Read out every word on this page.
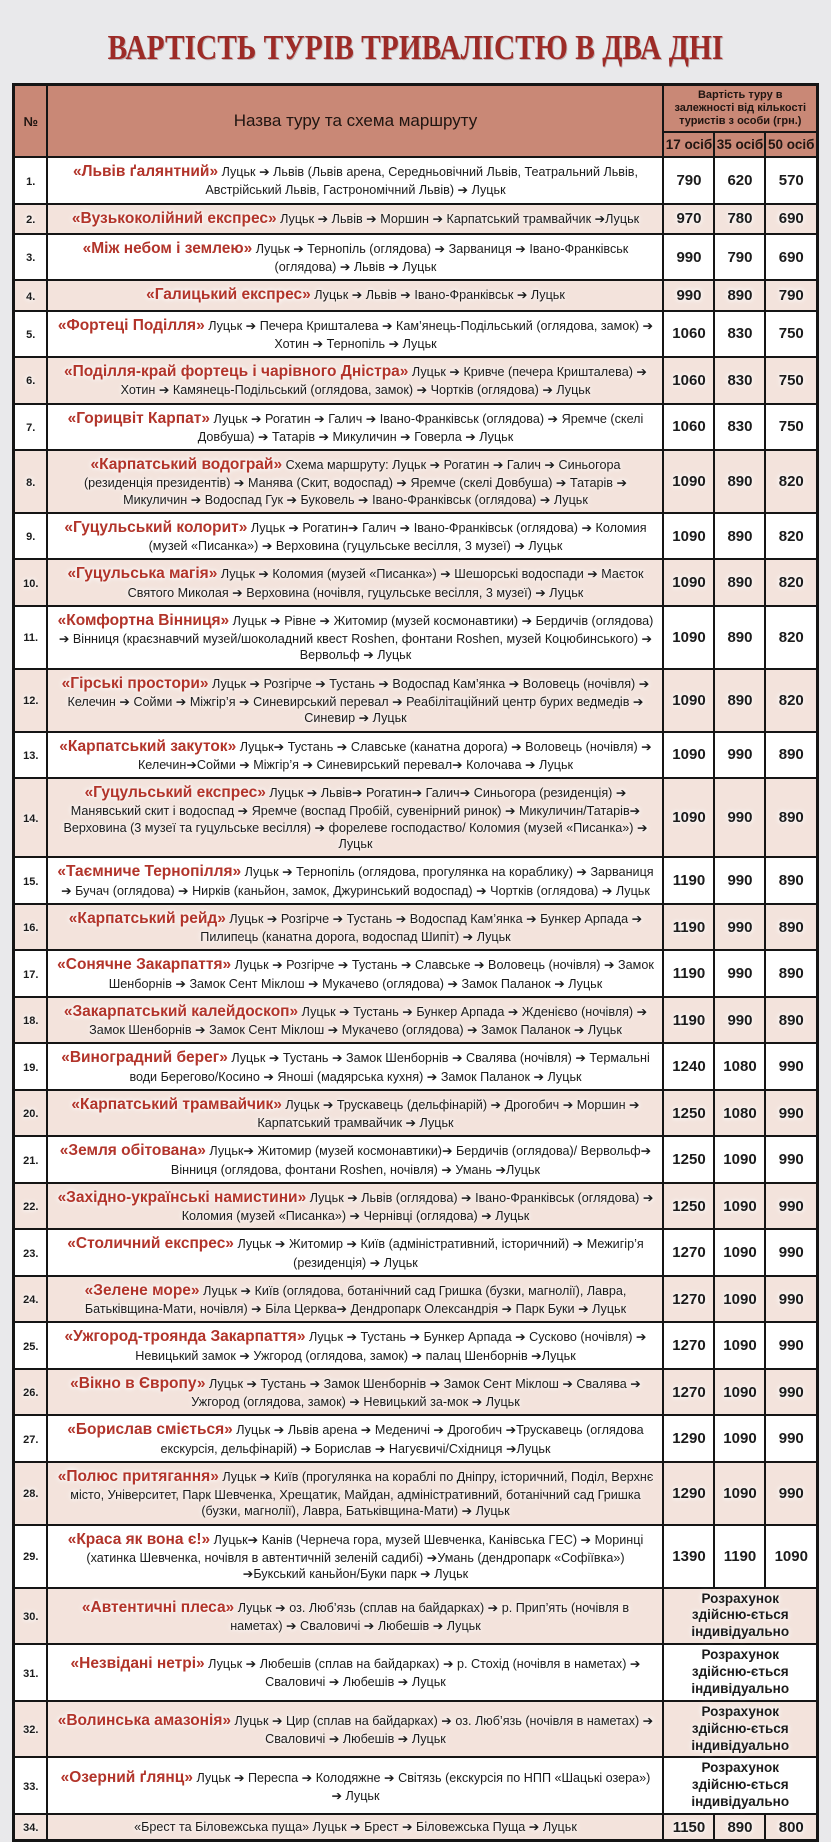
ВАРТІСТЬ ТУРІВ ТРИВАЛІСТЮ В ДВА ДНІ
№	Назва туру та схема маршруту	Вартість туру в залежності від кількості туристів з особи (грн.)		
		17 осіб	35 осіб	50 осіб
1.	«Львів ґалянтний» Луцьк ➔ Львів (Львів арена, Середньовічний Львів, Театральний Львів, Австрійський Львів, Гастрономічний Львів) ➔ Луцьк	790	620	570
2.	«Вузькоколійний експрес» Луцьк ➔ Львів ➔ Моршин ➔ Карпатський трамвайчик ➔Луцьк	970	780	690
3.	«Між небом і землею» Луцьк ➔ Тернопіль (оглядова) ➔ Зарваниця ➔ Івано-Франківськ (оглядова) ➔ Львів ➔ Луцьк	990	790	690
4.	«Галицький експрес» Луцьк ➔ Львів ➔ Івано-Франківськ ➔ Луцьк	990	890	790
5.	«Фортеці Поділля» Луцьк ➔ Печера Кришталева ➔ Кам’янець-Подільський (оглядова, замок) ➔ Хотин ➔ Тернопіль ➔ Луцьк	1060	830	750
6.	«Поділля-край фортець і чарівного Дністра» Луцьк ➔ Кривче (печера Кришталева) ➔ Хотин ➔ Камянець-Подільський (оглядова, замок) ➔ Чортків (оглядова) ➔ Луцьк	1060	830	750
7.	«Горицвіт Карпат» Луцьк ➔ Рогатин ➔ Галич ➔ Івано-Франківськ (оглядова) ➔ Яремче (скелі Довбуша) ➔ Татарів ➔ Микуличин ➔ Говерла ➔ Луцьк	1060	830	750
8.	«Карпатський водограй» Схема маршруту: Луцьк ➔ Рогатин ➔ Галич ➔ Синьогора (резиденція президентів) ➔ Манява (Скит, водоспад) ➔ Яремче (скелі Довбуша) ➔ Татарів ➔ Микуличин ➔ Водоспад Гук ➔ Буковель ➔ Івано-Франківськ (оглядова) ➔ Луцьк	1090	890	820
9.	«Гуцульський колорит» Луцьк ➔ Рогатин➔ Галич ➔ Івано-Франківськ (оглядова) ➔ Коломия (музей «Писанка») ➔ Верховина (гуцульське весілля, 3 музеї) ➔ Луцьк	1090	890	820
10.	«Гуцульська магія» Луцьк ➔ Коломия (музей «Писанка») ➔ Шешорські водоспади ➔ Маєток Святого Миколая ➔ Верховина (ночівля, гуцульське весілля, 3 музеї) ➔ Луцьк	1090	890	820
11.	«Комфортна Вінниця» Луцьк ➔ Рівне ➔ Житомир (музей космонавтики) ➔ Бердичів (оглядова) ➔ Вінниця (краєзнавчий музей/шоколадний квест Roshen, фонтани Roshen, музей Коцюбинського) ➔ Вервольф ➔ Луцьк	1090	890	820
12.	«Гірські простори» Луцьк ➔ Розгірче ➔ Тустань ➔ Водоспад Кам’янка ➔ Воловець (ночівля) ➔ Келечин ➔ Сойми ➔ Міжгір’я ➔ Синевирський перевал ➔ Реабілітаційний центр бурих ведмедів ➔ Синевир ➔ Луцьк	1090	890	820
13.	«Карпатський закуток» Луцьк➔ Тустань ➔ Славське (канатна дорога) ➔ Воловець (ночівля) ➔ Келечин➔Сойми ➔ Міжгір’я ➔ Синевирський перевал➔ Колочава ➔ Луцьк	1090	990	890
14.	«Гуцульський експрес» Луцьк ➔ Львів➔ Рогатин➔ Галич➔ Синьогора (резиденція) ➔ Манявський скит і водоспад ➔ Яремче (воспад Пробій, сувенірний ринок) ➔ Микуличин/Татарів➔ Верховина (3 музеї та гуцульське весілля) ➔ форелеве господаство/ Коломия (музей «Писанка») ➔ Луцьк	1090	990	890
15.	«Таємниче Тернопілля» Луцьк ➔ Тернопіль (оглядова, прогулянка на кораблику) ➔ Зарваниця ➔ Бучач (оглядова) ➔ Нирків (каньйон, замок, Джуринський водоспад) ➔ Чортків (оглядова) ➔ Луцьк	1190	990	890
16.	«Карпатський рейд» Луцьк ➔ Розгірче ➔ Тустань ➔ Водоспад Кам’янка ➔ Бункер Арпада ➔ Пилипець (канатна дорога, водоспад Шипіт) ➔ Луцьк	1190	990	890
17.	«Сонячне Закарпаття» Луцьк ➔ Розгірче ➔ Тустань ➔ Славське ➔ Воловець (ночівля) ➔ Замок Шенборнів ➔ Замок Сент Міклош ➔ Мукачево (оглядова) ➔ Замок Паланок ➔ Луцьк	1190	990	890
18.	«Закарпатський калейдоскоп» Луцьк ➔ Тустань ➔ Бункер Арпада ➔ Жденієво (ночівля) ➔ Замок Шенборнів ➔ Замок Сент Міклош ➔ Мукачево (оглядова) ➔ Замок Паланок ➔ Луцьк	1190	990	890
19.	«Виноградний берег» Луцьк ➔ Тустань ➔ Замок Шенборнів ➔ Свалява (ночівля) ➔ Термальні води Берегово/Косино ➔ Яноші (мадярська кухня) ➔ Замок Паланок ➔ Луцьк	1240	1080	990
20.	«Карпатський трамвайчик» Луцьк ➔ Трускавець (дельфінарій) ➔ Дрогобич ➔ Моршин ➔ Карпатський трамвайчик ➔ Луцьк	1250	1080	990
21.	«Земля обітована» Луцьк➔ Житомир (музей космонавтики)➔ Бердичів (оглядова)/ Вервольф➔ Вінниця (оглядова, фонтани Roshen, ночівля) ➔ Умань ➔Луцьк	1250	1090	990
22.	«Західно-українські намистини» Луцьк ➔ Львів (оглядова) ➔ Івано-Франківськ (оглядова) ➔ Коломия (музей «Писанка») ➔ Чернівці (оглядова) ➔ Луцьк	1250	1090	990
23.	«Столичний експрес» Луцьк ➔ Житомир ➔ Київ (адміністративний, історичний) ➔ Межигір’я (резиденція) ➔ Луцьк	1270	1090	990
24.	«Зелене море» Луцьк ➔ Київ (оглядова, ботанічний сад Гришка (бузки, магнолії), Лавра, Батьківщина-Мати, ночівля) ➔ Біла Церква➔ Дендропарк Олександрія ➔ Парк Буки ➔ Луцьк	1270	1090	990
25.	«Ужгород-троянда Закарпаття» Луцьк ➔ Тустань ➔ Бункер Арпада ➔ Сусково (ночівля) ➔ Невицький замок ➔ Ужгород (оглядова, замок) ➔ палац Шенборнів ➔Луцьк	1270	1090	990
26.	«Вікно в Європу» Луцьк ➔ Тустань ➔ Замок Шенборнів ➔ Замок Сент Міклош ➔ Свалява ➔ Ужгород (оглядова, замок) ➔ Невицький за-мок ➔ Луцьк	1270	1090	990
27.	«Борислав сміється» Луцьк ➔ Львів арена ➔ Меденичі ➔ Дрогобич ➔Трускавець (оглядова екскурсія, дельфінарій) ➔ Борислав ➔ Нагуєвичі/Східниця ➔Луцьк	1290	1090	990
28.	«Полюс притягання» Луцьк ➔ Київ (прогулянка на кораблі по Дніпру, історичний, Поділ, Верхнє місто, Університет, Парк Шевченка, Хрещатик, Майдан, адміністративний, ботанічний сад Гришка (бузки, магнолії), Лавра, Батьківщина-Мати) ➔ Луцьк	1290	1090	990
29.	«Краса як вона є!» Луцьк➔ Канів (Чернеча гора, музей Шевченка, Канівська ГЕС) ➔ Моринці (хатинка Шевченка, ночівля в автентичній зеленій садибі) ➔Умань (дендропарк «Софіївка») ➔Букський каньйон/Буки парк ➔ Луцьк	1390	1190	1090
30.	«Автентичні плеса» Луцьк ➔ оз. Люб’язь (сплав на байдарках) ➔ р. Прип’ять (ночівля в наметах) ➔ Сваловичі ➔ Любешів ➔ Луцьк	Розрахунок здійсню-ється індивідуально		
31.	«Незвідані нетрі» Луцьк ➔ Любешів (сплав на байдарках) ➔ р. Стохід (ночівля в наметах) ➔ Сваловичі ➔ Любешів ➔ Луцьк	Розрахунок здійсню-ється індивідуально		
32.	«Волинська амазонія» Луцьк ➔ Цир (сплав на байдарках) ➔ оз. Люб’язь (ночівля в наметах) ➔ Сваловичі ➔ Любешів ➔ Луцьк	Розрахунок здійсню-ється індивідуально		
33.	«Озерний ґлянц» Луцьк ➔ Переспа ➔ Колодяжне ➔ Світязь (екскурсія по НПП «Шацькі озера») ➔ Луцьк	Розрахунок здійсню-ється індивідуально		
34.	«Брест та Біловежська пуща» Луцьк ➔ Брест ➔ Біловежська Пуща ➔ Луцьк	1150	890	800
